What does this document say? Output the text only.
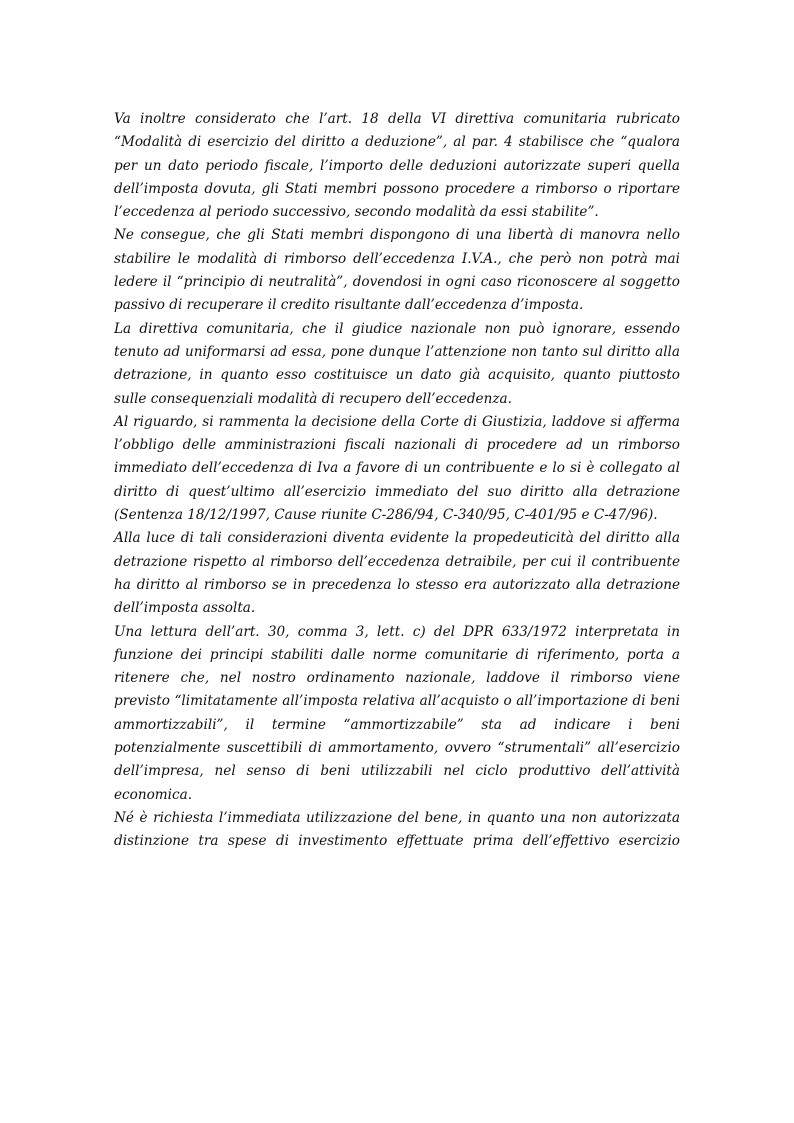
Va inoltre considerato che l’art. 18 della VI direttiva comunitaria rubricato “Modalità di esercizio del diritto a deduzione”, al par. 4 stabilisce che “qualora per un dato periodo fiscale, l’importo delle deduzioni autorizzate superi quella dell’imposta dovuta, gli Stati membri possono procedere a rimborso o riportare l’eccedenza al periodo successivo, secondo modalità da essi stabilite”.

Ne consegue, che gli Stati membri dispongono di una libertà di manovra nello stabilire le modalità di rimborso dell’eccedenza I.V.A., che però non potrà mai ledere il “principio di neutralità”, dovendosi in ogni caso riconoscere al soggetto passivo di recuperare il credito risultante dall’eccedenza d’imposta.

La direttiva comunitaria, che il giudice nazionale non può ignorare, essendo tenuto ad uniformarsi ad essa, pone dunque l’attenzione non tanto sul diritto alla detrazione, in quanto esso costituisce un dato già acquisito, quanto piuttosto sulle consequenziali modalità di recupero dell’eccedenza.

Al riguardo, si rammenta la decisione della Corte di Giustizia, laddove si afferma l’obbligo delle amministrazioni fiscali nazionali di procedere ad un rimborso immediato dell’eccedenza di Iva a favore di un contribuente e lo si è collegato al diritto di quest’ultimo all’esercizio immediato del suo diritto alla detrazione (Sentenza 18/12/1997, Cause riunite C-286/94, C-340/95, C-401/95 e C-47/96).

Alla luce di tali considerazioni diventa evidente la propedeuticità del diritto alla detrazione rispetto al rimborso dell’eccedenza detraibile, per cui il contribuente ha diritto al rimborso se in precedenza lo stesso era autorizzato alla detrazione dell’imposta assolta.

Una lettura dell’art. 30, comma 3, lett. c) del DPR 633/1972 interpretata in funzione dei principi stabiliti dalle norme comunitarie di riferimento, porta a ritenere che, nel nostro ordinamento nazionale, laddove il rimborso viene previsto “limitatamente all’imposta relativa all’acquisto o all’importazione di beni ammortizzabili”, il termine “ammortizzabile” sta ad indicare i beni potenzialmente suscettibili di ammortamento, ovvero “strumentali” all’esercizio dell’impresa, nel senso di beni utilizzabili nel ciclo produttivo dell’attività economica.

Né è richiesta l’immediata utilizzazione del bene, in quanto una non autorizzata distinzione tra spese di investimento effettuate prima dell’effettivo esercizio
